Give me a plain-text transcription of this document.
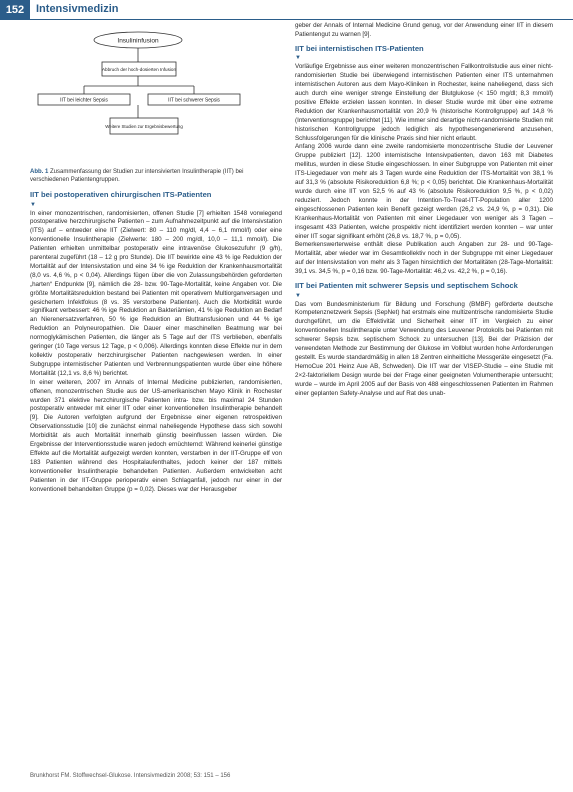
152	Intensivmedizin
Insulininfusion
Abbruch der hoch-dosierten Infusion
IIT bei leichter Sepsis	IIT bei schwerer Sepsis
Weitere Studien zur Ergebnisbewertung
Abb. 1 Zusammenfassung der Studien zur intensivierten Insulintherapie (IIT) bei verschiedenen Patientengruppen.
IIT bei postoperativen chirurgischen ITS-Patienten
▼

In einer monozentrischen, randomisierten, offenen Studie [7] erhielten 1548 vorwiegend postoperative herzchirurgische Patienten – zum Aufnahmezeitpunkt auf die Intensivstation (ITS) auf – entweder eine IIT (Zielwert: 80 – 110 mg/dl, 4,4 – 6,1 mmol/l) oder eine konventionelle Insulintherapie (Zielwerte: 180 – 200 mg/dl, 10,0 – 11,1 mmol/l). Die Patienten erhielten unmittelbar postoperativ eine intravenöse Glukosezufuhr (9 g/h), parenteral zugeführt (18 – 12 g pro Stunde). Die IIT bewirkte eine 43 % ige Reduktion der Mortalität auf der Intensivstation und eine 34 % ige Reduktion der Krankenhausmortalität (8,0 vs. 4,6 %, p < 0,04). Allerdings fügen über die von Zulassungsbehörden geforderten „harten“ Endpunkte [9], nämlich die 28- bzw. 90-Tage-Mortalität, keine Angaben vor. Die größte Mortalitätsreduktion bestand bei Patienten mit operativem Multiorganversagen und gesichertem Infektfokus (8 vs. 35 verstorbene Patienten). Auch die Morbidität wurde signifikant verbessert: 46 % ige Reduktion an Bakteriämien, 41 % ige Reduktion an Bedarf an Nierenersatzverfahren, 50 % ige Reduktion an Bluttransfusionen und 44 % ige Reduktion an Polyneuropathien. Die Dauer einer maschinellen Beatmung war bei normoglykämischen Patienten, die länger als 5 Tage auf der ITS verblieben, ebenfalls geringer (10 Tage versus 12 Tage, p < 0,006). Allerdings konnten diese Effekte nur in dem kollektiv postoperativ herzchirurgischer Patienten nachgewiesen werden. In einer Subgruppe internistischer Patienten und Verbrennungspatienten wurde über eine höhere Mortalität (12,1 vs. 8,6 %) berichtet.

In einer weiteren, 2007 im Annals of Internal Medicine publizierten, randomisierten, offenen, monozentrischen Studie aus der US-amerikanischen Mayo Klinik in Rochester wurden 371 elektive herzchirurgische Patienten intra- bzw. bis maximal 24 Stunden postoperativ entweder mit einer IIT oder einer konventionellen Insulintherapie behandelt [9]. Die Autoren verfolgten aufgrund der Ergebnisse einer eigenen retrospektiven Observationsstudie [10] die zunächst einmal naheliegende Hypothese dass sich sowohl Morbidität als auch Mortalität innerhalb günstig beeinflussen lassen würden. Die Ergebnisse der Interventionsstudie waren jedoch ernüchternd: Während keinerlei günstige Effekte auf die Mortalität aufgezeigt werden konnten, verstarben in der IIT-Gruppe elf von 183 Patienten während des Hospitalaufenthaltes, jedoch keiner der 187 mittels konventioneller Insulintherapie behandelten Patienten. Außerdem entwickelten acht Patienten in der IIT-Gruppe perioperativ einen Schlaganfall, jedoch nur einer in der konventionell behandelten Gruppe (p = 0,02). Dieses war der Herausgeber

geber der Annals of Internal Medicine Grund genug, vor der Anwendung einer IIT in diesem Patientengut zu warnen [9].

IIT bei internistischen ITS-Patienten
▼

Vorläufige Ergebnisse aus einer weiteren monozentrischen Fallkontrollstudie aus einer nicht-randomisierten Studie bei überwiegend internistischen Patienten einer ITS unternahmen internistischen Autoren aus dem Mayo-Kliniken in Rochester, keine naheliegend, dass sich auch durch eine weniger strenge Einstellung der Blutglukose (< 150 mg/dl; 8,3 mmol/l) positive Effekte erzielen lassen konnten. In dieser Studie wurde mit über eine extreme Reduktion der Krankenhausmortalität von 20,9 % (historische Kontrollgruppe) auf 14,8 % (Interventionsgruppe) berichtet [11]. Wie immer sind derartige nicht-randomisierte Studien mit historischen Kontrollgruppe jedoch lediglich als hypothesengenerierend anzusehen, Schlussfolgerungen für die klinische Praxis sind hier nicht erlaubt.

Anfang 2006 wurde dann eine zweite randomisierte monozentrische Studie der Leuvener Gruppe publiziert [12]. 1200 internistische Intensivpatienten, davon 163 mit Diabetes mellitus, wurden in diese Studie eingeschlossen. In einer Subgruppe von Patienten mit einer ITS-Liegedauer von mehr als 3 Tagen wurde eine Reduktion der ITS-Mortalität von 38,1 % auf 31,3 % (absolute Risikoreduktion 6,8 %; p < 0,05) berichtet. Die Krankenhaus-Mortalität wurde durch eine IIT von 52,5 % auf 43 % (absolute Risikoreduktion 9,5 %, p < 0,02) reduziert. Jedoch konnte in der Intention-To-Treat-ITT-Population aller 1200 eingeschlossenen Patienten kein Benefit gezeigt werden (26,2 vs. 24,9 %, p = 0,31). Die Krankenhaus-Mortalität von Patienten mit einer Liegedauer von weniger als 3 Tagen – insgesamt 433 Patienten, welche prospektiv nicht identifiziert werden konnten – war unter einer IIT sogar signifikant erhöht (26,8 vs. 18,7 %, p = 0,05).

Bemerkenswerterweise enthält diese Publikation auch Angaben zur 28- und 90-Tage-Mortalität, aber wieder war im Gesamtkollektiv noch in der Subgruppe mit einer Liegedauer auf der Intensivstation von mehr als 3 Tagen hinsichtlich der Mortalitäten (28-Tage-Mortalität: 39,1 vs. 34,5 %, p = 0,16 bzw. 90-Tage-Mortalität: 46,2 vs. 42,2 %, p = 0,16).

IIT bei Patienten mit schwerer Sepsis und septischem Schock
▼

Das vom Bundesministerium für Bildung und Forschung (BMBF) geförderte deutsche Kompetenznetzwerk Sepsis (SepNet) hat erstmals eine multizentrische randomisierte Studie durchgeführt, um die Effektivität und Sicherheit einer IIT im Vergleich zu einer konventionellen Insulintherapie unter Verwendung des Leuvener Protokolls bei Patienten mit schwerer Sepsis bzw. septischem Schock zu untersuchen [13]. Bei der Präzision der verwendeten Methode zur Bestimmung der Glukose im Vollblut wurden hohe Anforderungen gestellt. Es wurde standardmäßig in allen 18 Zentren einheitliche Messgeräte eingesetzt (Fa. HemoCue 201 Heinz Aue AB, Schweden). Die IIT war der VISEP-Studie – eine Studie mit 2×2-faktoriellem Design wurde bei der Frage einer geeigneten Volumentherapie untersucht; wurde – wurde im April 2005 auf der Basis von 488 eingeschlossenen Patienten im Rahmen einer geplanten Safety-Analyse und auf Rat des unab-

Brunkhorst FM. Stoffwechsel-Glukose. Intensivmedizin 2008; 53: 151 – 156
